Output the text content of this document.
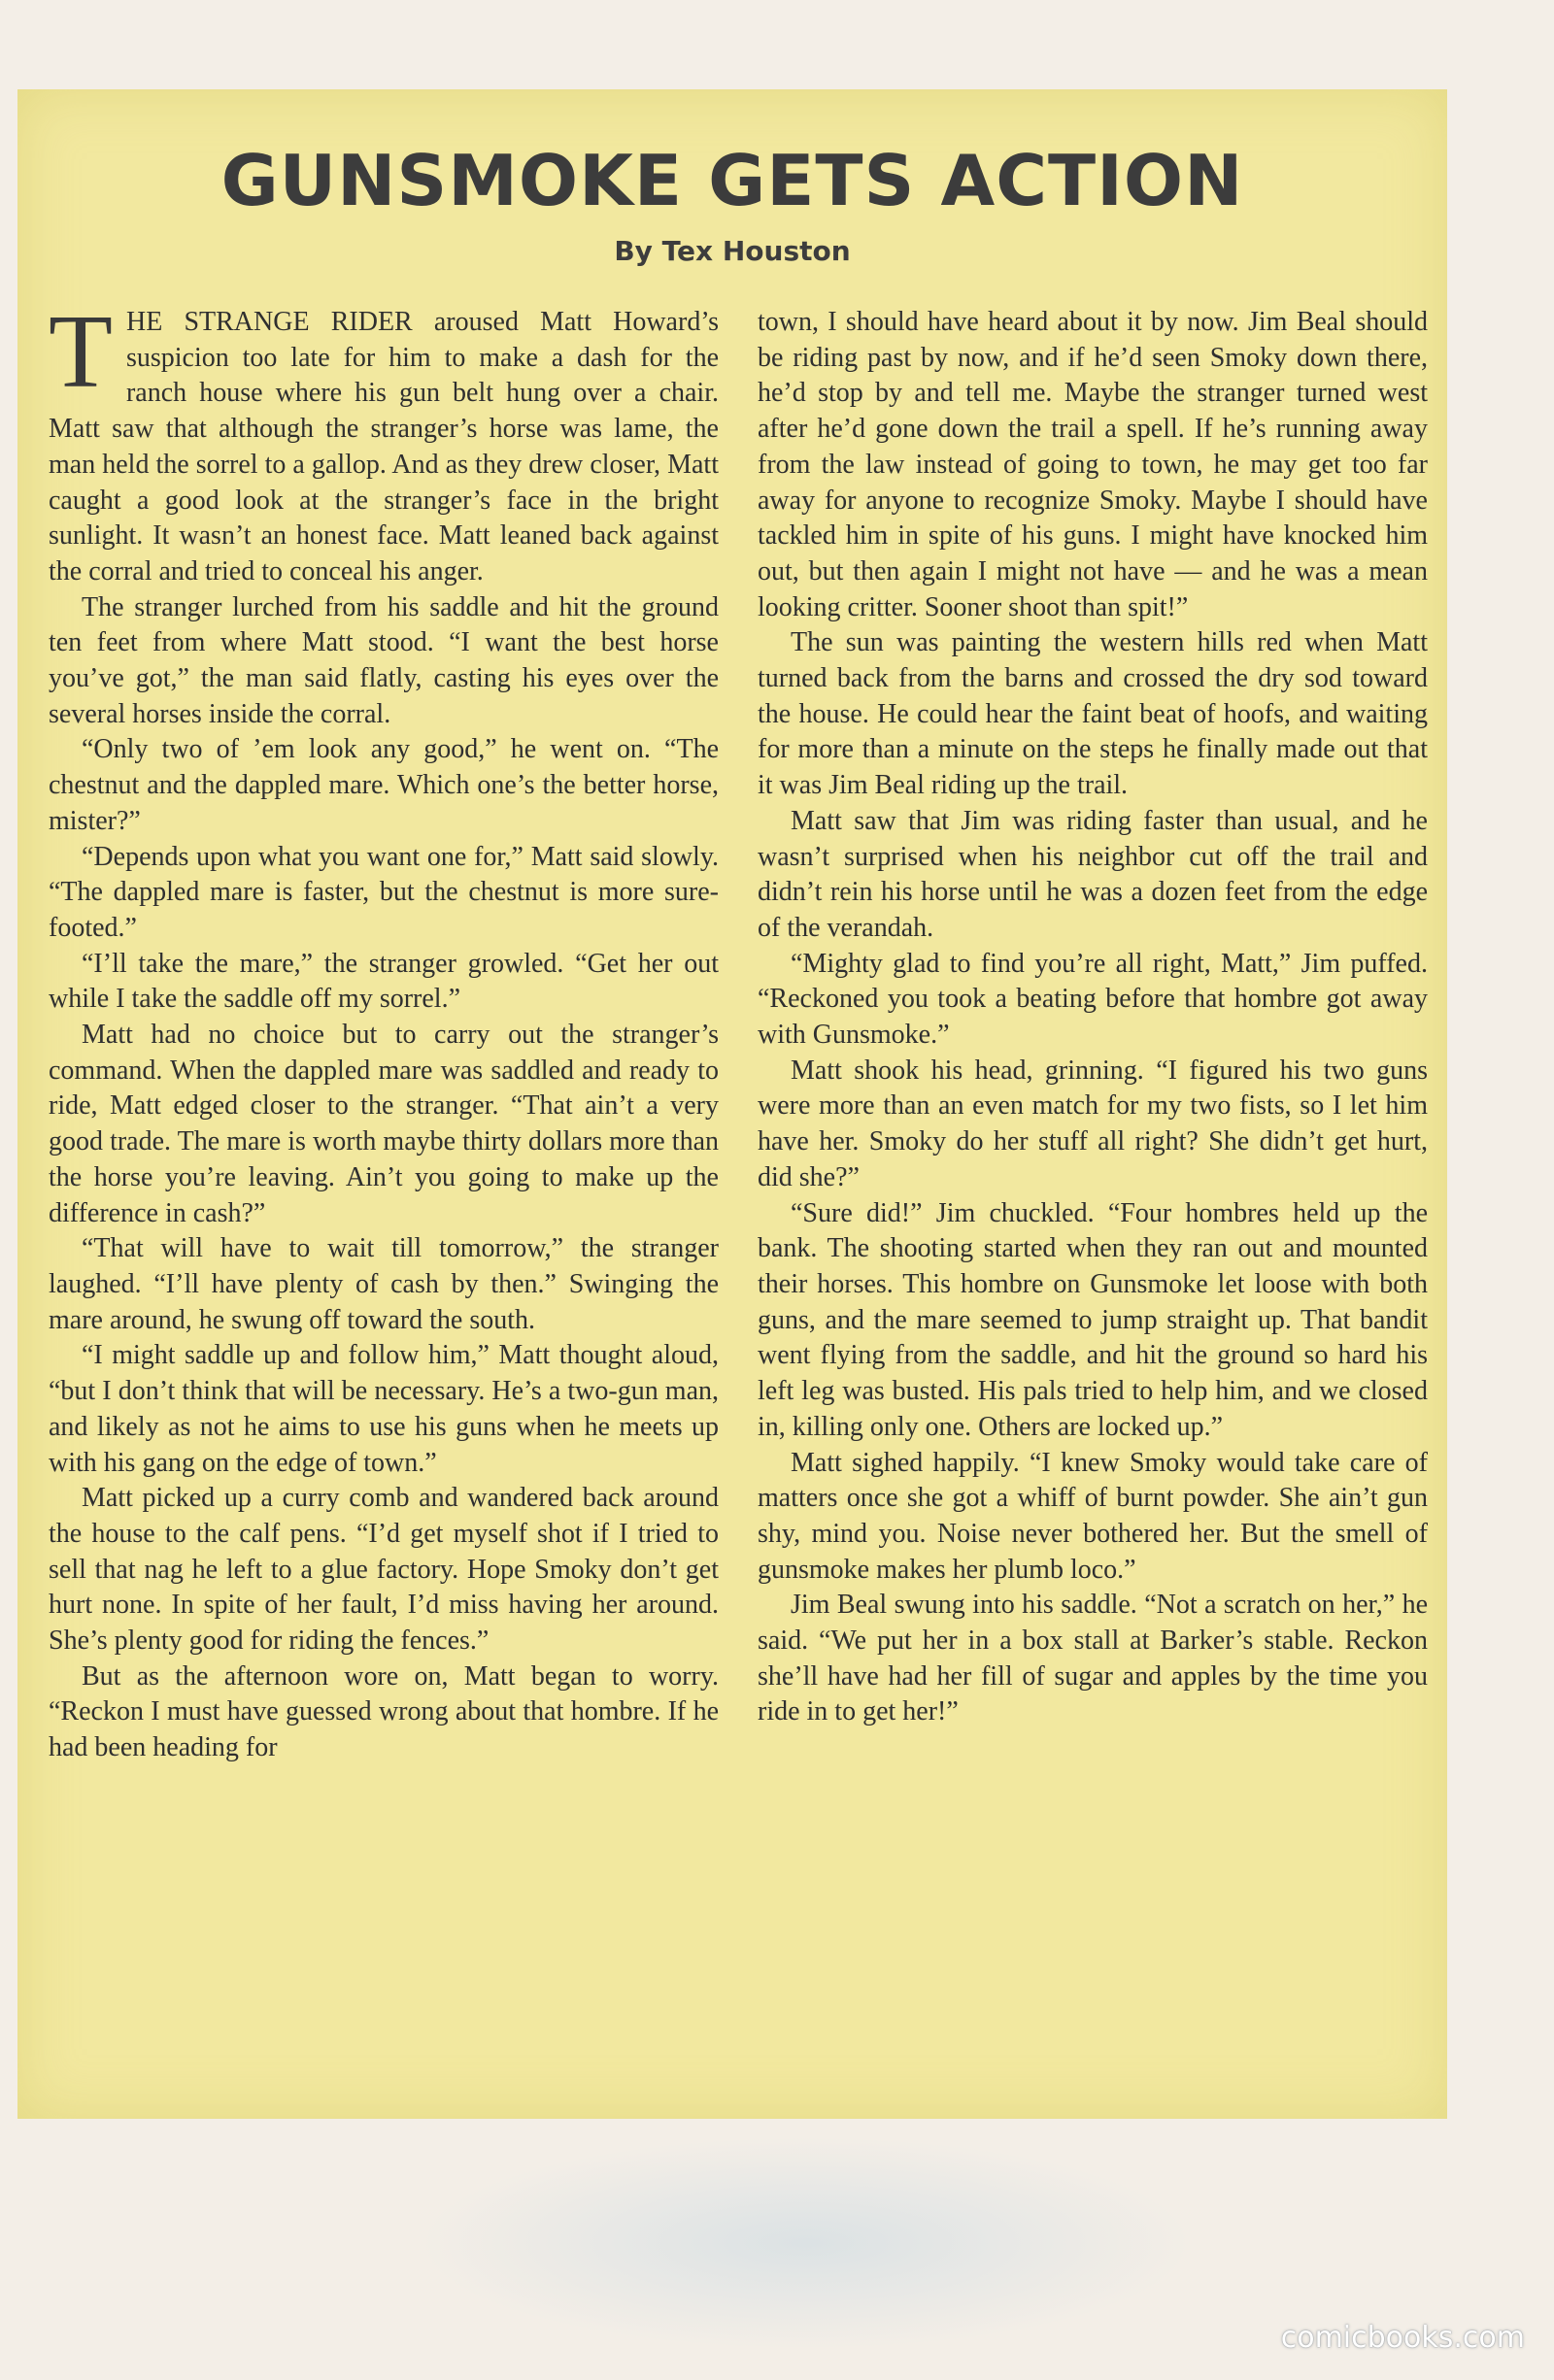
GUNSMOKE GETS ACTION
By Tex Houston

THE STRANGE RIDER aroused Matt Howard’s suspicion too late for him to make a dash for the ranch house where his gun belt hung over a chair. Matt saw that although the stranger’s horse was lame, the man held the sorrel to a gallop. And as they drew closer, Matt caught a good look at the stranger’s face in the bright sunlight. It wasn’t an honest face. Matt leaned back against the corral and tried to conceal his anger.

The stranger lurched from his saddle and hit the ground ten feet from where Matt stood. “I want the best horse you’ve got,” the man said flatly, casting his eyes over the several horses inside the corral.

“Only two of ’em look any good,” he went on. “The chestnut and the dappled mare. Which one’s the better horse, mister?”

“Depends upon what you want one for,” Matt said slowly. “The dappled mare is faster, but the chestnut is more sure-footed.”

“I’ll take the mare,” the stranger growled. “Get her out while I take the saddle off my sorrel.”

Matt had no choice but to carry out the stranger’s command. When the dappled mare was saddled and ready to ride, Matt edged closer to the stranger. “That ain’t a very good trade. The mare is worth maybe thirty dollars more than the horse you’re leaving. Ain’t you going to make up the difference in cash?”

“That will have to wait till tomorrow,” the stranger laughed. “I’ll have plenty of cash by then.” Swinging the mare around, he swung off toward the south.

“I might saddle up and follow him,” Matt thought aloud, “but I don’t think that will be necessary. He’s a two-gun man, and likely as not he aims to use his guns when he meets up with his gang on the edge of town.”

Matt picked up a curry comb and wandered back around the house to the calf pens. “I’d get myself shot if I tried to sell that nag he left to a glue factory. Hope Smoky don’t get hurt none. In spite of her fault, I’d miss having her around. She’s plenty good for riding the fences.”

But as the afternoon wore on, Matt began to worry. “Reckon I must have guessed wrong about that hombre. If he had been heading for

town, I should have heard about it by now. Jim Beal should be riding past by now, and if he’d seen Smoky down there, he’d stop by and tell me. Maybe the stranger turned west after he’d gone down the trail a spell. If he’s running away from the law instead of going to town, he may get too far away for anyone to recognize Smoky. Maybe I should have tackled him in spite of his guns. I might have knocked him out, but then again I might not have — and he was a mean looking critter. Sooner shoot than spit!”

The sun was painting the western hills red when Matt turned back from the barns and crossed the dry sod toward the house. He could hear the faint beat of hoofs, and waiting for more than a minute on the steps he finally made out that it was Jim Beal riding up the trail.

Matt saw that Jim was riding faster than usual, and he wasn’t surprised when his neighbor cut off the trail and didn’t rein his horse until he was a dozen feet from the edge of the verandah.

“Mighty glad to find you’re all right, Matt,” Jim puffed. “Reckoned you took a beating before that hombre got away with Gunsmoke.”

Matt shook his head, grinning. “I figured his two guns were more than an even match for my two fists, so I let him have her. Smoky do her stuff all right? She didn’t get hurt, did she?”

“Sure did!” Jim chuckled. “Four hombres held up the bank. The shooting started when they ran out and mounted their horses. This hombre on Gunsmoke let loose with both guns, and the mare seemed to jump straight up. That bandit went flying from the saddle, and hit the ground so hard his left leg was busted. His pals tried to help him, and we closed in, killing only one. Others are locked up.”

Matt sighed happily. “I knew Smoky would take care of matters once she got a whiff of burnt powder. She ain’t gun shy, mind you. Noise never bothered her. But the smell of gunsmoke makes her plumb loco.”

Jim Beal swung into his saddle. “Not a scratch on her,” he said. “We put her in a box stall at Barker’s stable. Reckon she’ll have had her fill of sugar and apples by the time you ride in to get her!”

comicbooks.com
